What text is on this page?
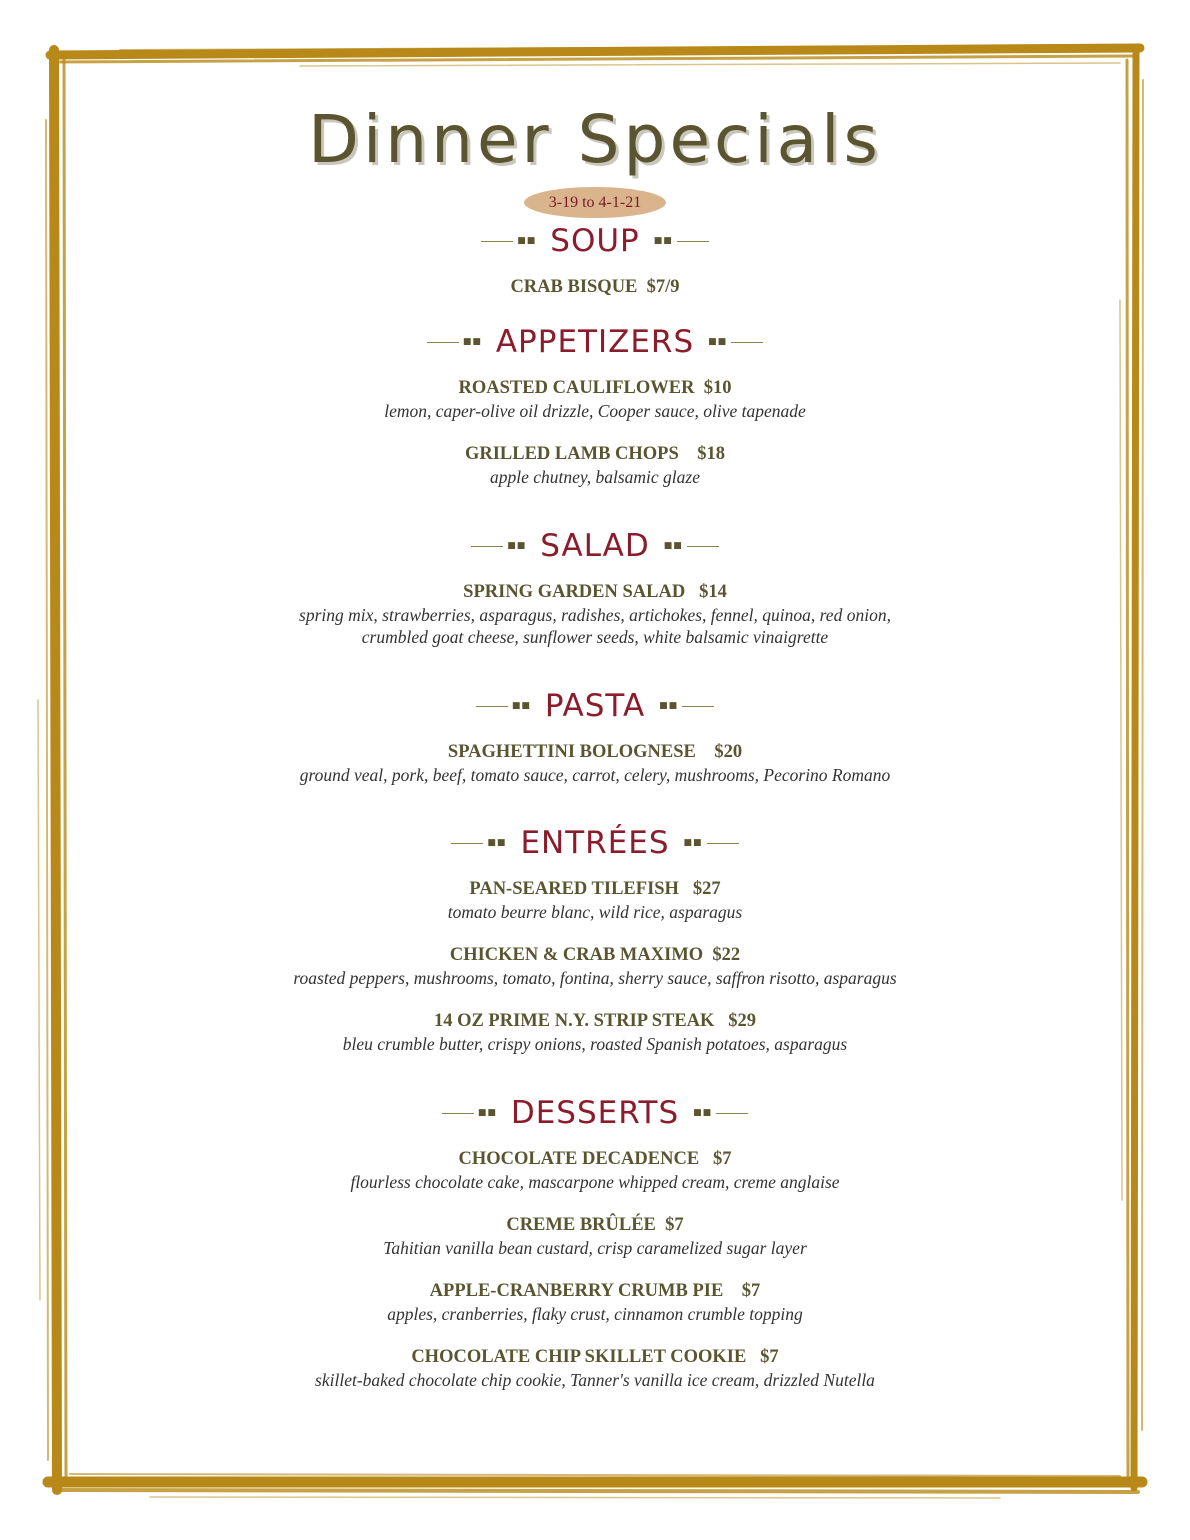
Dinner Specials
3-19 to 4-1-21
■■ SOUP ■■
CRAB BISQUE  $7/9
■■ APPETIZERS ■■
ROASTED CAULIFLOWER  $10
lemon, caper-olive oil drizzle, Cooper sauce, olive tapenade
GRILLED LAMB CHOPS    $18
apple chutney, balsamic glaze
■■ SALAD ■■
SPRING GARDEN SALAD   $14
spring mix, strawberries, asparagus, radishes, artichokes, fennel, quinoa, red onion,
crumbled goat cheese, sunflower seeds, white balsamic vinaigrette
■■ PASTA ■■
SPAGHETTINI BOLOGNESE    $20
ground veal, pork, beef, tomato sauce, carrot, celery, mushrooms, Pecorino Romano
■■ ENTRÉES ■■
PAN-SEARED TILEFISH   $27
tomato beurre blanc, wild rice, asparagus
CHICKEN & CRAB MAXIMO  $22
roasted peppers, mushrooms, tomato, fontina, sherry sauce, saffron risotto, asparagus
14 OZ PRIME N.Y. STRIP STEAK   $29
bleu crumble butter, crispy onions, roasted Spanish potatoes, asparagus
■■ DESSERTS ■■
CHOCOLATE DECADENCE   $7
flourless chocolate cake, mascarpone whipped cream, creme anglaise
CREME BRÛLÉE  $7
Tahitian vanilla bean custard, crisp caramelized sugar layer
APPLE-CRANBERRY CRUMB PIE    $7
apples, cranberries, flaky crust, cinnamon crumble topping
CHOCOLATE CHIP SKILLET COOKIE   $7
skillet-baked chocolate chip cookie, Tanner's vanilla ice cream, drizzled Nutella
